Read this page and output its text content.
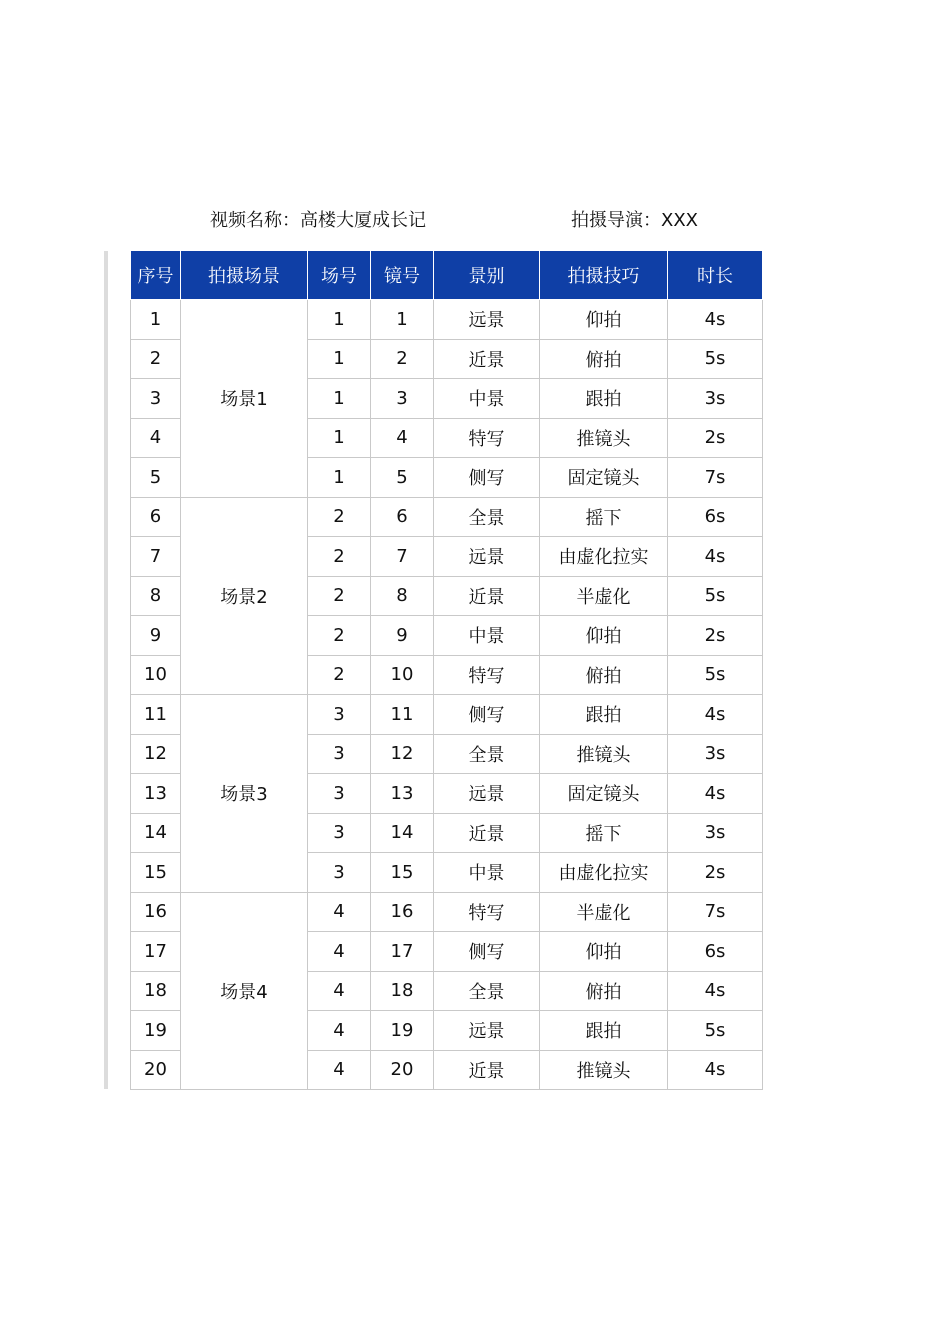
视频名称：高楼大厦成长记	拍摄导演：XXX
序号	拍摄场景	场号	镜号	景别	拍摄技巧	时长
1	场景1	1	1	远景	仰拍	4s
2		1	2	近景	俯拍	5s
3		1	3	中景	跟拍	3s
4		1	4	特写	推镜头	2s
5		1	5	侧写	固定镜头	7s
6	场景2	2	6	全景	摇下	6s
7		2	7	远景	由虚化拉实	4s
8		2	8	近景	半虚化	5s
9		2	9	中景	仰拍	2s
10		2	10	特写	俯拍	5s
11	场景3	3	11	侧写	跟拍	4s
12		3	12	全景	推镜头	3s
13		3	13	远景	固定镜头	4s
14		3	14	近景	摇下	3s
15		3	15	中景	由虚化拉实	2s
16	场景4	4	16	特写	半虚化	7s
17		4	17	侧写	仰拍	6s
18		4	18	全景	俯拍	4s
19		4	19	远景	跟拍	5s
20		4	20	近景	推镜头	4s
